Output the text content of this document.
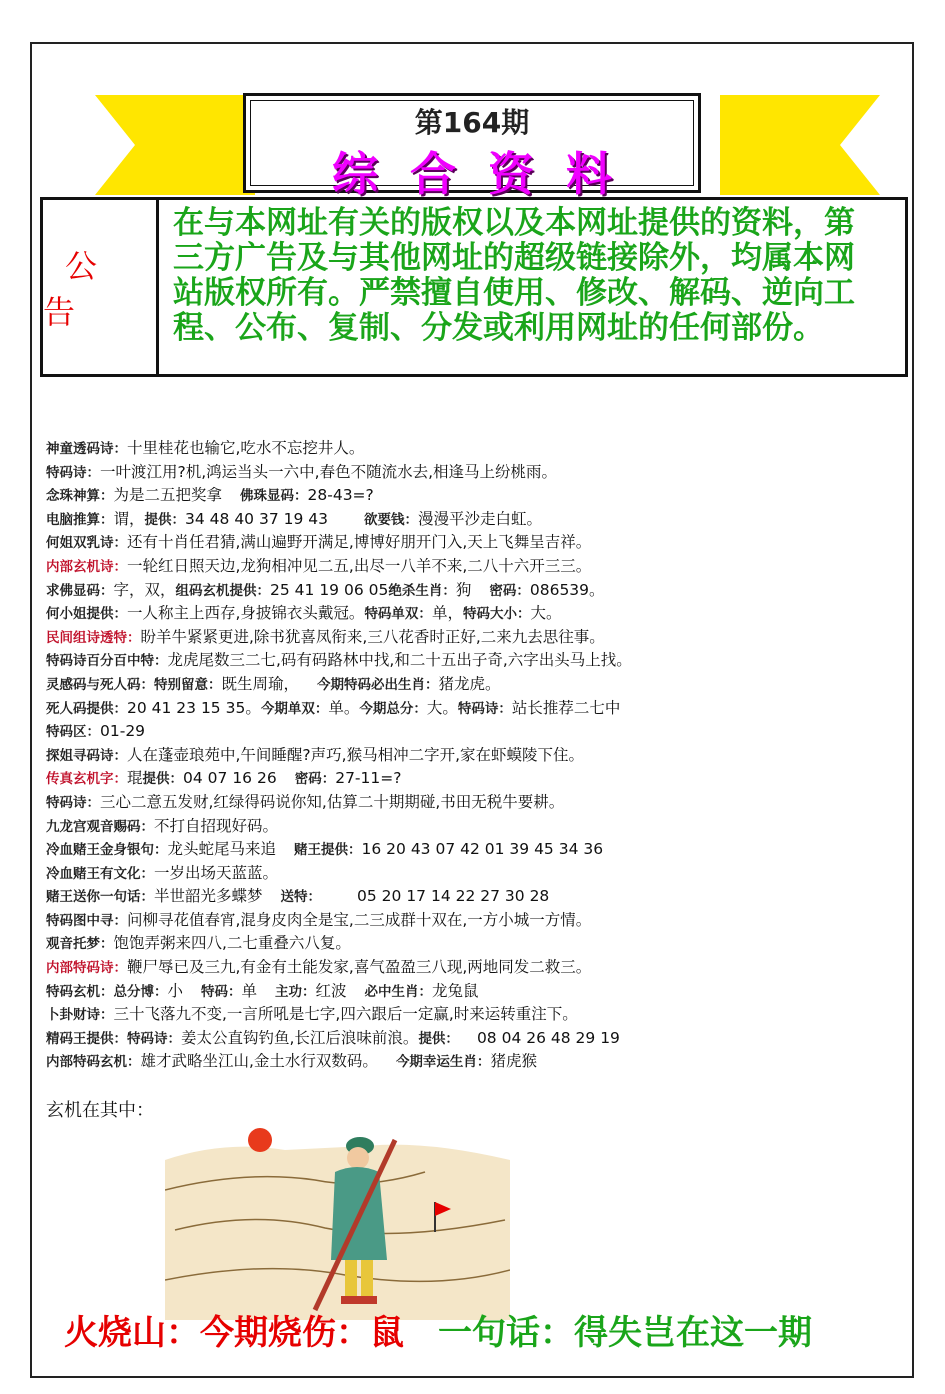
第164期
综合资料
公告
在与本网址有关的版权以及本网址提供的资料，第三方广告及与其他网址的超级链接除外，均属本网站版权所有。严禁擅自使用、修改、解码、逆向工程、公布、复制、分发或利用网址的任何部份。
神童透码诗：十里桂花也输它,吃水不忘挖井人。
特码诗：一叶渡江用?机,鸿运当头一六中,春色不随流水去,相逢马上纷桃雨。
念珠神算：为是二五把奖拿 佛珠显码：28-43=?
电脑推算：谓，提供：34 48 40 37 19 43	欲要钱：漫漫平沙走白虹。
何姐双乳诗：还有十肖任君猜,满山遍野开满足,博博好朋开门入,天上飞舞呈吉祥。
内部玄机诗：一轮红日照天边,龙狗相冲见二五,出尽一八羊不来,二八十六开三三。
求佛显码：字，双，组码玄机提供：25 41 19 06 05绝杀生肖：狗 密码：086539。
何小姐提供：一人称主上西存,身披锦衣头戴冠。特码单双：单，特码大小：大。
民间组诗透特：盼羊牛紧紧更进,除书犹喜凤衔来,三八花香时正好,二来九去思往事。
特码诗百分百中特：龙虎尾数三二七,码有码路林中找,和二十五出子奇,六字出头马上找。
灵感码与死人码：特别留意：既生周瑜， 今期特码必出生肖：猪龙虎。
死人码提供：20 41 23 15 35。今期单双：单。今期总分：大。特码诗：站长推荐二七中
特码区：01-29
探姐寻码诗：人在蓬壶琅苑中,午间睡醒?声巧,猴马相冲二字开,家在虾蟆陵下住。
传真玄机字：琨提供：04 07 16 26 密码：27-11=?
特码诗：三心二意五发财,红绿得码说你知,估算二十期期碰,书田无税牛要耕。
九龙宫观音赐码：不打自招现好码。
冷血赌王金身银句：龙头蛇尾马来追 赌王提供：16 20 43 07 42 01 39 45 34 36
冷血赌王有文化：一岁出场天蓝蓝。
赌王送你一句话：半世韶光多蝶梦 送特： 05 20 17 14 22 27 30 28
特码图中寻：问柳寻花值春宵,混身皮肉全是宝,二三成群十双在,一方小城一方情。
观音托梦：饱饱弄粥来四八,二七重叠六八复。
内部特码诗：鞭尸辱已及三九,有金有土能发家,喜气盈盈三八现,两地同发二救三。
特码玄机：总分博：小 特码：单 主功：红波 必中生肖：龙兔鼠
卜卦财诗：三十飞落九不变,一言所吼是七字,四六跟后一定赢,时来运转重注下。
精码王提供：特码诗：姜太公直钩钓鱼,长江后浪味前浪。提供： 08 04 26 48 29 19
内部特码玄机：雄才武略坐江山,金土水行双数码。 今期幸运生肖：猪虎猴
玄机在其中：
火烧山：今期烧伤：鼠 一句话：得失岂在这一期
